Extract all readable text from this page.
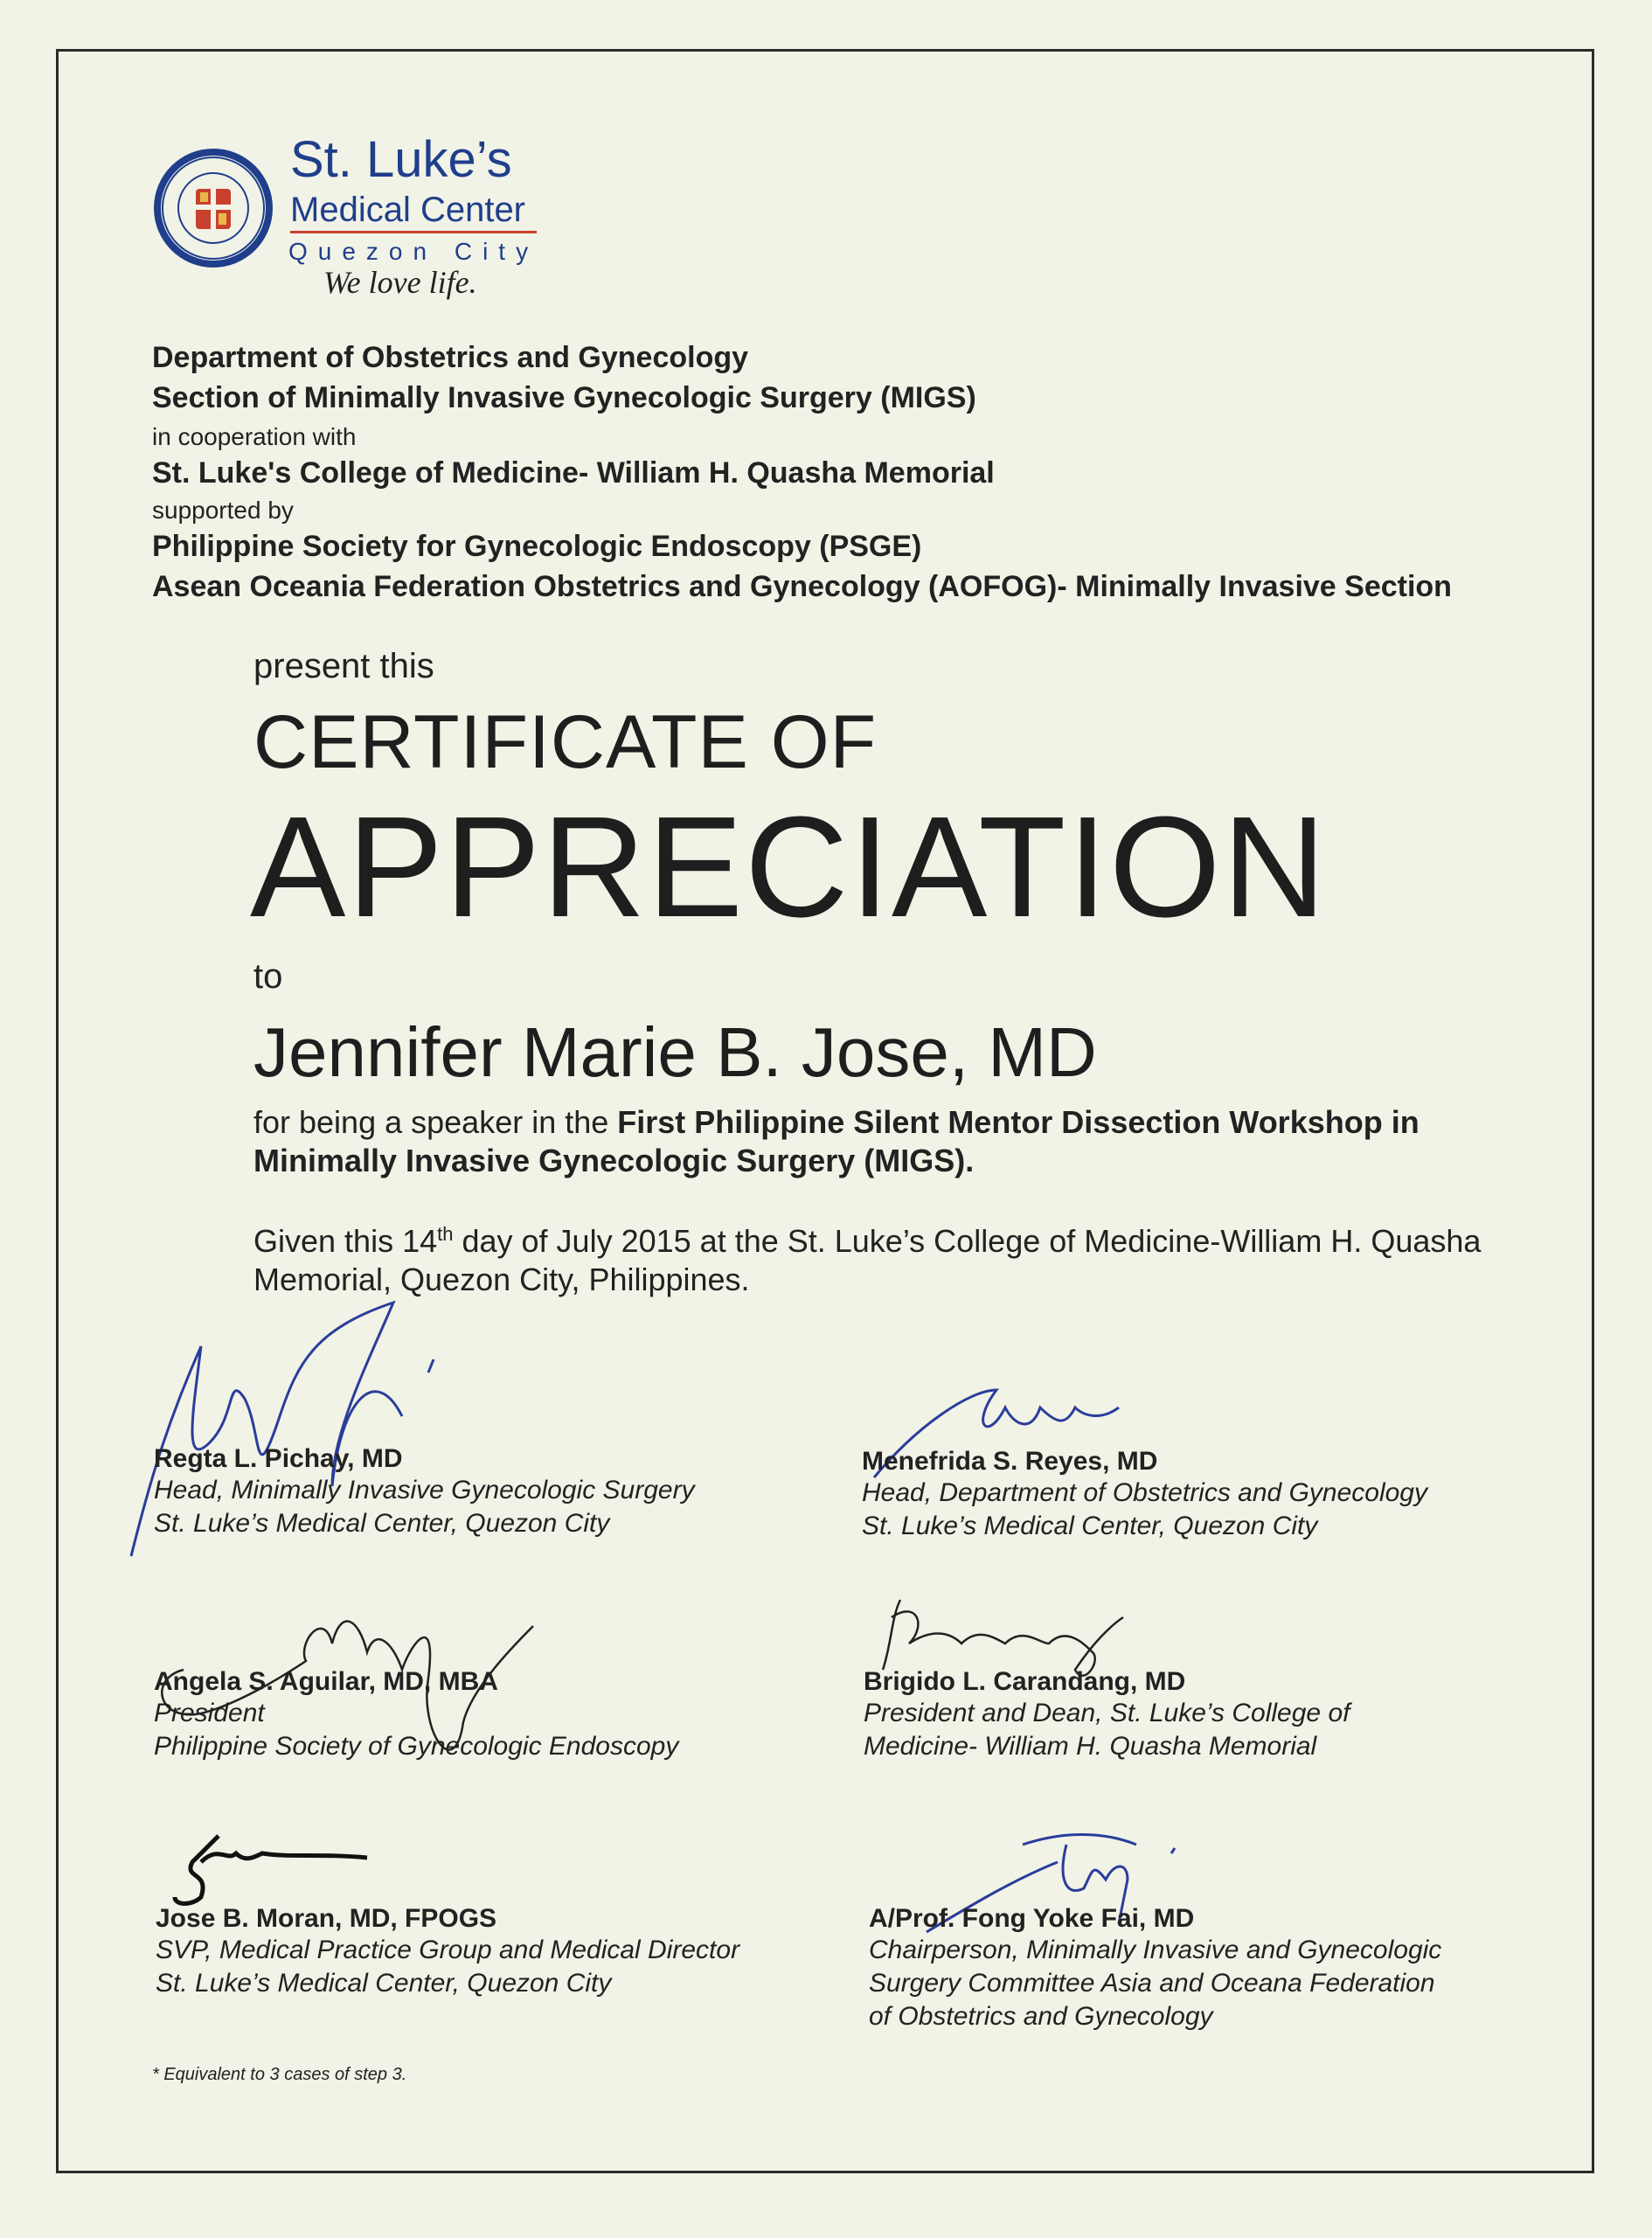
St. Luke’s
Medical Center
Quezon City
We love life.
Department of Obstetrics and Gynecology
Section of Minimally Invasive Gynecologic Surgery (MIGS)
in cooperation with
St. Luke's College of Medicine- William H. Quasha Memorial
supported by
Philippine Society for Gynecologic Endoscopy (PSGE)
Asean Oceania Federation Obstetrics and Gynecology (AOFOG)- Minimally Invasive Section
present this
CERTIFICATE OF
APPRECIATION
to
Jennifer Marie B. Jose, MD
for being a speaker in the First Philippine Silent Mentor Dissection Workshop in Minimally Invasive Gynecologic Surgery (MIGS).
Given this 14th day of July 2015 at the St. Luke’s College of Medicine-William H. Quasha Memorial, Quezon City, Philippines.
Regta L. Pichay, MD
Head, Minimally Invasive Gynecologic Surgery
St. Luke’s Medical Center, Quezon City
Menefrida S. Reyes, MD
Head, Department of Obstetrics and Gynecology
St. Luke’s Medical Center, Quezon City
Angela S. Aguilar, MD, MBA
President
Philippine Society of Gynecologic Endoscopy
Brigido L. Carandang, MD
President and Dean, St. Luke’s College of
Medicine- William H. Quasha Memorial
Jose B. Moran, MD, FPOGS
SVP, Medical Practice Group and Medical Director
St. Luke’s Medical Center, Quezon City
A/Prof. Fong Yoke Fai, MD
Chairperson, Minimally Invasive and Gynecologic
Surgery Committee Asia and Oceana Federation
of Obstetrics and Gynecology
* Equivalent to 3 cases of step 3.
